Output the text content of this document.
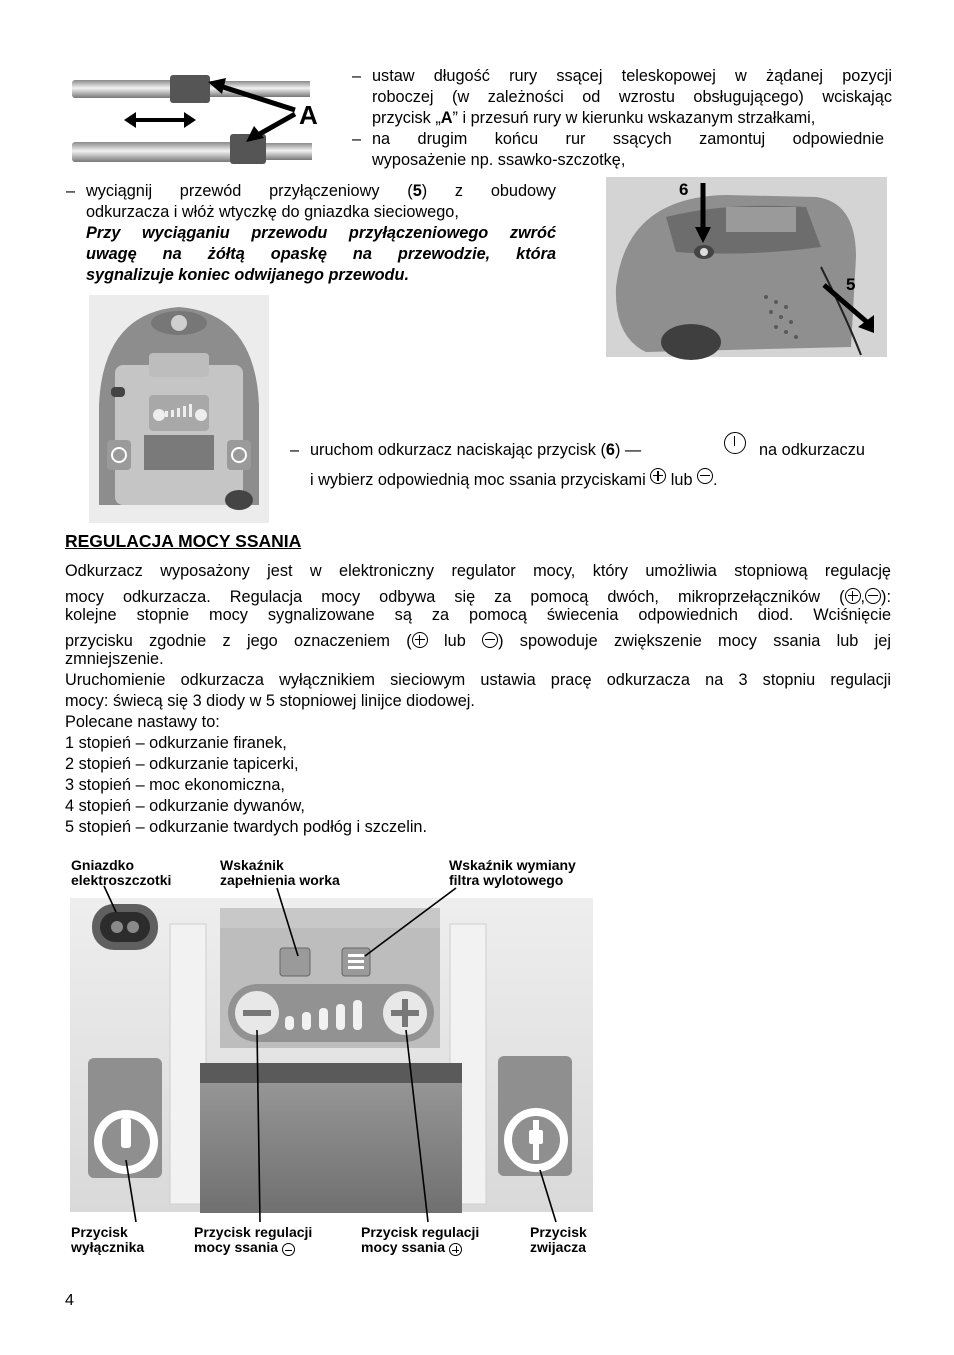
A
– ustaw długość rury ssącej teleskopowej w żądanej pozycji
roboczej (w zależności od wzrostu obsługującego) wciskając
przycisk „A” i przesuń rury w kierunku wskazanym strzałkami,
– na drugim końcu rur ssących zamontuj odpowiednie
wyposażenie np. ssawko-szczotkę,
– wyciągnij przewód przyłączeniowy (5) z obudowy
odkurzacza i włóż wtyczkę do gniazdka sieciowego,
Przy wyciąganiu przewodu przyłączeniowego zwróć
uwagę na żółtą opaskę na przewodzie, która
sygnalizuje koniec odwijanego przewodu.
6
5
– uruchom odkurzacz naciskając przycisk (6) —	na odkurzaczu
i wybierz odpowiednią moc ssania przyciskami lub .
REGULACJA MOCY SSANIA
Odkurzacz wyposażony jest w elektroniczny regulator mocy, który umożliwia stopniową regulację
mocy odkurzacza. Regulacja mocy odbywa się za pomocą dwóch, mikroprzełączników ( , ):
kolejne stopnie mocy sygnalizowane są za pomocą świecenia odpowiednich diod. Wciśnięcie
przycisku zgodnie z jego oznaczeniem ( lub ) spowoduje zwiększenie mocy ssania lub jej
zmniejszenie.
Uruchomienie odkurzacza wyłącznikiem sieciowym ustawia pracę odkurzacza na 3 stopniu regulacji
mocy: świecą się 3 diody w 5 stopniowej linijce diodowej.
Polecane nastawy to:
1 stopień – odkurzanie firanek,
2 stopień – odkurzanie tapicerki,
3 stopień – moc ekonomiczna,
4 stopień – odkurzanie dywanów,
5 stopień – odkurzanie twardych podłóg i szczelin.
Gniazdko
elektroszczotki
Wskaźnik
zapełnienia worka
Wskaźnik wymiany
filtra wylotowego
Przycisk
wyłącznika
Przycisk regulacji
mocy ssania
Przycisk regulacji
mocy ssania
Przycisk
zwijacza
4
